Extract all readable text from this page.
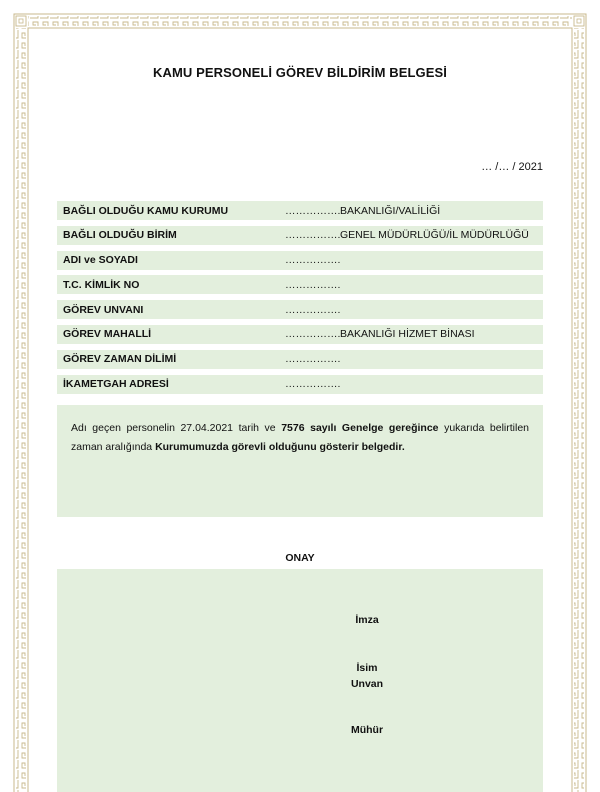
KAMU PERSONELİ GÖREV BİLDİRİM BELGESİ
… /… / 2021
BAĞLI OLDUĞU KAMU KURUMU	……………. BAKANLIĞI/VALİLİĞİ
BAĞLI OLDUĞU BİRİM	……………. GENEL MÜDÜRLÜĞÜ/İL MÜDÜRLÜĞÜ
ADI ve SOYADI	…………….
T.C. KİMLİK NO	…………….
GÖREV UNVANI	…………….
GÖREV MAHALLİ	……………. BAKANLIĞI HİZMET BİNASI
GÖREV ZAMAN DİLİMİ	…………….
İKAMETGAH ADRESİ	…………….
Adı geçen personelin 27.04.2021 tarih ve 7576 sayılı Genelge gereğince yukarıda belirtilen zaman aralığında Kurumumuzda görevli olduğunu gösterir belgedir.
ONAY
İmza
İsim
Unvan
Mühür
